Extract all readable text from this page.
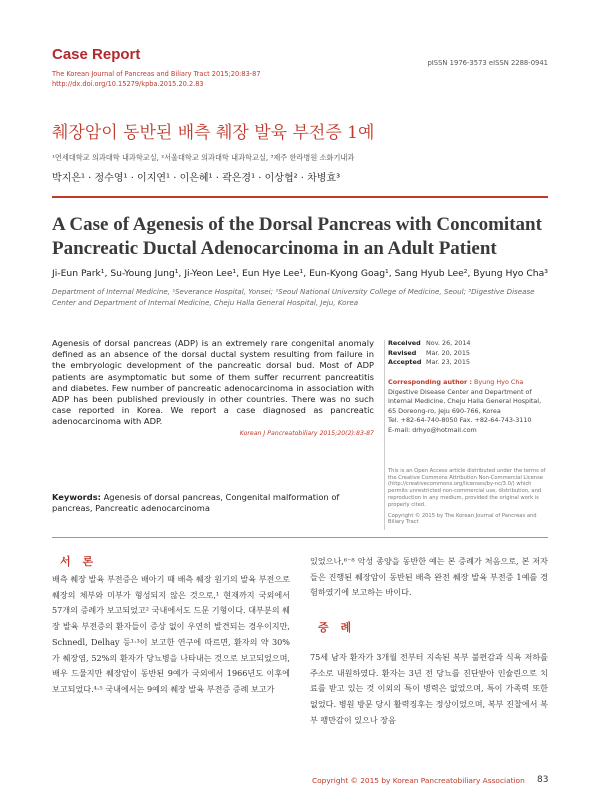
Case Report
The Korean Journal of Pancreas and Biliary Tract 2015;20:83-87
http://dx.doi.org/10.15279/kpba.2015.20.2.83
pISSN 1976-3573 eISSN 2288-0941
췌장암이 동반된 배측 췌장 발육 부전증 1예
¹연세대학교 의과대학 내과학교실, ²서울대학교 의과대학 내과학교실, ³제주 한라병원 소화기내과
박지은¹ · 정수영¹ · 이지연¹ · 이은혜¹ · 곽은경¹ · 이상협² · 차병효³
A Case of Agenesis of the Dorsal Pancreas with Concomitant Pancreatic Ductal Adenocarcinoma in an Adult Patient
Ji-Eun Park¹, Su-Young Jung¹, Ji-Yeon Lee¹, Eun Hye Lee¹, Eun-Kyong Goag¹, Sang Hyub Lee², Byung Hyo Cha³
Department of Internal Medicine, ¹Severance Hospital, Yonsei; ²Seoul National University College of Medicine, Seoul; ³Digestive Disease Center and Department of Internal Medicine, Cheju Halla General Hospital, Jeju, Korea
Agenesis of dorsal pancreas (ADP) is an extremely rare congenital anomaly defined as an absence of the dorsal ductal system resulting from failure in the embryologic development of the pancreatic dorsal bud. Most of ADP patients are asymptomatic but some of them suffer recurrent pancreatitis and diabetes. Few number of pancreatic adenocarcinoma in association with ADP has been published previously in other countries. There was no such case reported in Korea. We report a case diagnosed as pancreatic adenocarcinoma with ADP.
Korean J Pancreatobiliary 2015;20(2):83-87
Keywords: Agenesis of dorsal pancreas, Congenital malformation of pancreas, Pancreatic adenocarcinoma
Received Nov. 26, 2014
Revised	Mar. 20, 2015
Accepted Mar. 23, 2015
Corresponding author : Byung Hyo Cha
Digestive Disease Center and Department of
Internal Medicine, Cheju Halla General Hospital,
65 Doreong-ro, Jeju 690-766, Korea
Tel. +82-64-740-8050 Fax. +82-64-743-3110
E-mail: drhyo@hotmail.com
This is an Open Access article distributed under the terms of the Creative Commons Attribution Non-Commercial License (http://creativecommons.org/licenses/by-nc/3.0/) which permits unrestricted non-commercial use, distribution, and reproduction in any medium, provided the original work is properly cited.
Copyright © 2015 by The Korean Journal of Pancreas and Biliary Tract
서 론
배측 췌장 발육 부전증은 배아기 때 배측 췌장 원기의 발육 부전으로 췌장의 체부와 미부가 형성되지 않은 것으로,¹ 현재까지 국외에서 57개의 증례가 보고되었고² 국내에서도 드문 기형이다. 대부분의 췌장 발육 부전증의 환자들이 증상 없이 우연히 발견되는 경우이지만, Schnedl, Delhay 등¹·³이 보고한 연구에 따르면, 환자의 약 30%가 췌장염, 52%의 환자가 당뇨병을 나타내는 것으로 보고되었으며, 배우 드물지만 췌장암이 동반된 9예가 국외에서 1966년도 이후에 보고되었다.⁴·⁵ 국내에서는 9예의 췌장 발육 부전증 증례 보고가
있었으나,⁶⁻⁸ 악성 종양을 동반한 예는 본 증례가 처음으로, 본 저자들은 진행된 췌장암이 동반된 배측 완전 췌장 발육 부전증 1예를 경험하였기에 보고하는 바이다.
증 례
75세 남자 환자가 3개월 전부터 지속된 복부 불편감과 식욕 저하를 주소로 내원하였다. 환자는 3년 전 당뇨를 진단받아 인슐린으로 치료를 받고 있는 것 이외의 특이 병력은 없었으며, 특이 가족력 또한 없었다. 병원 방문 당시 활력징후는 정상이었으며, 복부 진찰에서 복부 팽만감이 있으나 장음
Copyright © 2015 by Korean Pancreatobiliary Association 83
